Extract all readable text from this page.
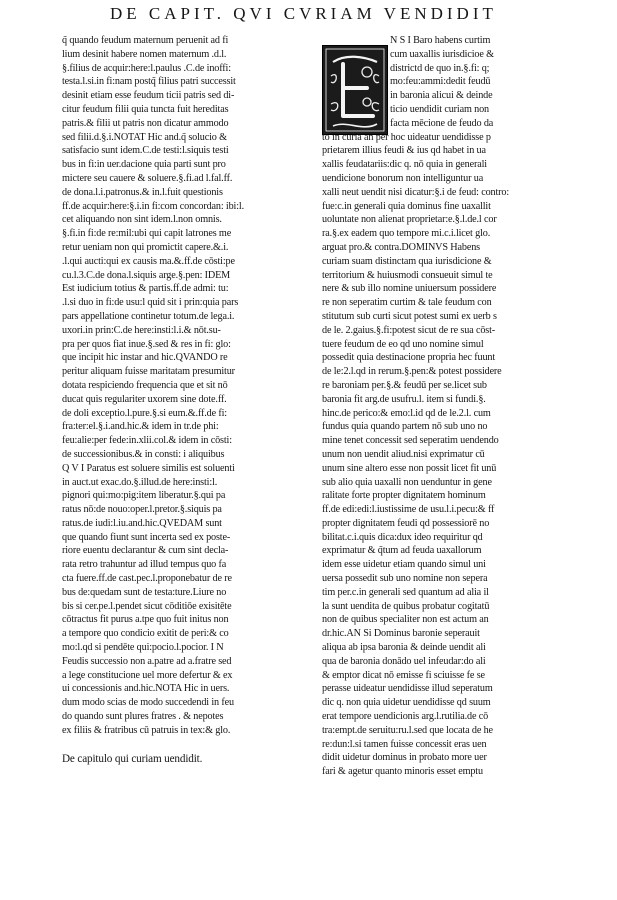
DE CAPIT. QVI CVRIAM VENDIDIT
q̃ quando feudum maternum peruenit ad fi
lium desinit habere nomen maternum .d.l.
§.filius de acquir:here:l.paulus .C.de inoffi:
testa.l.si.in fi:nam postq̃ filius patri successit
desinit etiam esse feudum ticii patris sed di-
citur feudum filii quia tuncta fuit hereditas
patris.& filii ut patris non dicatur ammodo
sed filii.d.§.i.NOTAT Hic and.q̃ solucio &
satisfacio sunt idem.C.de testi:l.siquis testi
bus in fi:in uer.dacione quia parti sunt pro
mictere seu cauere & soluere.§.fi.ad l.fal.ff.
de dona.l.i.patronus.& in.l.fuit questionis
ff.de acquir:here:§.i.in fi:com concordan: ibi:l.
cet aliquando non sint idem.l.non omnis.
§.fi.in fi:de re:mil:ubi qui capit latrones me
retur ueniam non qui promictit capere.&.i.
.l.qui aucti:qui ex causis ma.&.ff.de cōsti:pe
cu.l.3.C.de dona.l.siquis arge.§.pen: IDEM
Est iudicium totius & partis.ff.de admi: tu:
.l.si duo in fi:de usu:l quid sit i prin:quia pars
pars appellatione continetur totum.de lega.i.
uxori.in prin:C.de here:insti:l.i.& nōt.su-
pra per quos fiat inue.§.sed & res in fi: glo:
que incipit hic instar and hic.QVANDO re
peritur aliquam fuisse maritatam presumitur
dotata respiciendo frequencia que et sit nō
ducat quis regulariter uxorem sine dote.ff.
de doli exceptio.l.pure.§.si eum.&.ff.de fi:
fra:ter:el.§.i.and.hic.& idem in tr.de phi:
feu:alie:per fede:in.xlii.col.& idem in cōsti:
de successionibus.& in consti: i aliquibus
Q V I Paratus est soluere similis est soluenti
in auct.ut exac.do.§.illud.de here:insti:l.
pignori qui:mo:pig:item liberatur.§.qui pa
ratus nō:de nouo:oper.l.pretor.§.siquis pa
ratus.de iudi:l.iu.and.hic.QVEDAM sunt
que quando fiunt sunt incerta sed ex poste-
riore euentu declarantur & cum sint decla-
rata retro trahuntur ad illud tempus quo fa
cta fuere.ff.de cast.pec.l.proponebatur de re
bus de:quedam sunt de testa:ture.Liure no
bis si cer.pe.l.pendet sicut cōditiōe exisitēte
cōtractus fit purus a.tpe quo fuit initus non
a tempore quo condicio exitit de peri:& co
mo:l.qd si pendēte qui:pocio.l.pocior. I N
Feudis successio non a.patre ad a.fratre sed
a lege constitucione uel more defertur & ex
ui concessionis and.hic.NOTA Hic in uers.
dum modo scias de modo succedendi in feu
do quando sunt plures fratres . & nepotes
ex filiis & fratribus cū patruis in tex:& glo.
De capitulo qui curiam uendidit.
N S I Baro habens curtim
cum uaxallis iurisdicioe &
districtd de quo in.§.fi: q;
mo:feu:ammi:dedit feudū
in baronia alicui & deinde
ticio uendidit curiam non
facta mēcione de feudo da
to in curia an per hoc uideatur uendidisse p
prietarem illius feudi & ius qd habet in ua
xallis feudatariis:dic q. nō quia in generali
uendicione bonorum non intelliguntur ua
xalli neut uendit nisi dicatur:§.i de feud: contro:
fue:c.in generali quia dominus fine uaxallit
uoluntate non alienat proprietar:e.§.l.de.l cor
ra.§.ex eadem quo tempore mi.c.i.licet glo.
arguat pro.& contra.DOMINVS Habens
curiam suam distinctam qua iurisdicione &
territorium & huiusmodi consueuit simul te
nere & sub illo nomine uniuersum possidere
re non seperatim curtim & tale feudum con
stitutum sub curti sicut potest sumi ex uerb s
de le. 2.gaius.§.fi:potest sicut de re sua cōst-
tuere feudum de eo qd uno nomine simul
possedit quia destinacione propria hec fuunt
de le:2.l.qd in rerum.§.pen:& potest possidere
re baroniam per.§.& feudū per se.licet sub
baronia fit arg.de usufru.l. item si fundi.§.
hinc.de perico:& emo:l.id qd de le.2.l. cum
fundus quia quando partem nō sub uno no
mine tenet concessit sed seperatim uendendo
unum non uendit aliud.nisi exprimatur cū
unum sine altero esse non possit licet fit unū
sub alio quia uaxalli non uenduntur in gene
ralitate forte propter dignitatem hominum
ff.de edi:edi:l.iustissime de usu.l.i.pecu:& ff
propter dignitatem feudi qd possessiorē no
bilitat.c.i.quis dica:dux ideo requiritur qd
exprimatur & q̃tum ad feuda uaxallorum
idem esse uidetur etiam quando simul uni
uersa possedit sub uno nomine non sepera
tim per.c.in generali sed quantum ad alia il
la sunt uendita de quibus probatur cogitatū
non de quibus specialiter non est actum an
dr.hic.AN Si Dominus baronie seperauit
aliqua ab ipsa baronia & deinde uendit ali
qua de baronia donādo uel infeudar:do ali
& emptor dicat nō emisse fi sciuisse fe se
perasse uideatur uendidisse illud seperatum
dic q. non quia uidetur uendidisse qd suum
erat tempore uendicionis arg.l.rutilia.de cō
tra:empt.de seruitu:ru.l.sed que locata de he
re:dun:l.si tamen fuisse concessit eras uen
didit uidetur dominus in probato more uer
fari & agetur quanto minoris esset emptu
